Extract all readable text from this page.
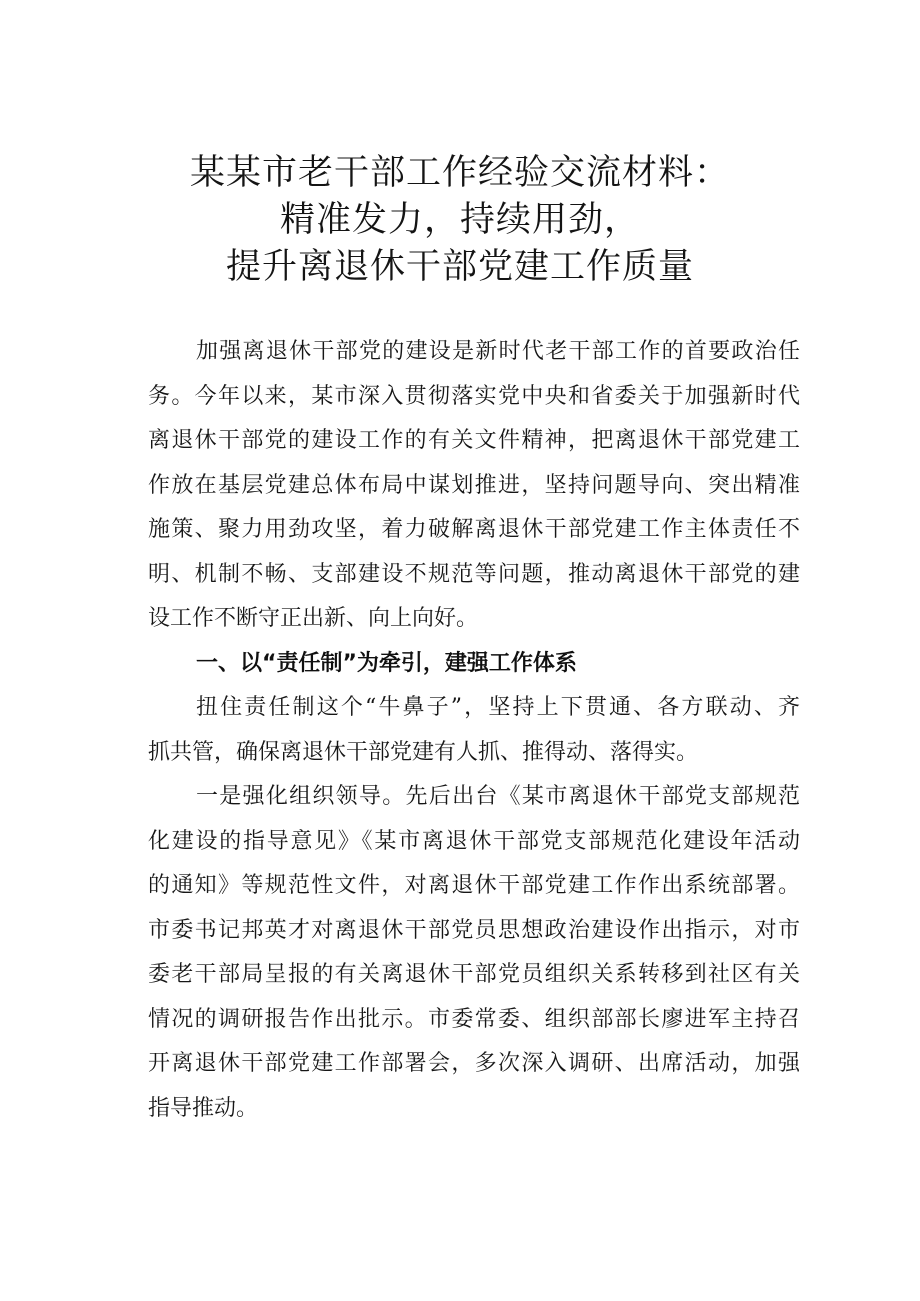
某某市老干部工作经验交流材料：
精准发力，持续用劲，
提升离退休干部党建工作质量
加强离退休干部党的建设是新时代老干部工作的首要政治任
务。今年以来，某市深入贯彻落实党中央和省委关于加强新时代
离退休干部党的建设工作的有关文件精神，把离退休干部党建工
作放在基层党建总体布局中谋划推进，坚持问题导向、突出精准
施策、聚力用劲攻坚，着力破解离退休干部党建工作主体责任不
明、机制不畅、支部建设不规范等问题，推动离退休干部党的建
设工作不断守正出新、向上向好。
一、以“责任制”为牵引，建强工作体系
扭住责任制这个“牛鼻子”，坚持上下贯通、各方联动、齐
抓共管，确保离退休干部党建有人抓、推得动、落得实。
一是强化组织领导。先后出台《某市离退休干部党支部规范
化建设的指导意见》《某市离退休干部党支部规范化建设年活动
的通知》等规范性文件，对离退休干部党建工作作出系统部署。
市委书记邦英才对离退休干部党员思想政治建设作出指示，对市
委老干部局呈报的有关离退休干部党员组织关系转移到社区有关
情况的调研报告作出批示。市委常委、组织部部长廖进军主持召
开离退休干部党建工作部署会，多次深入调研、出席活动，加强
指导推动。
